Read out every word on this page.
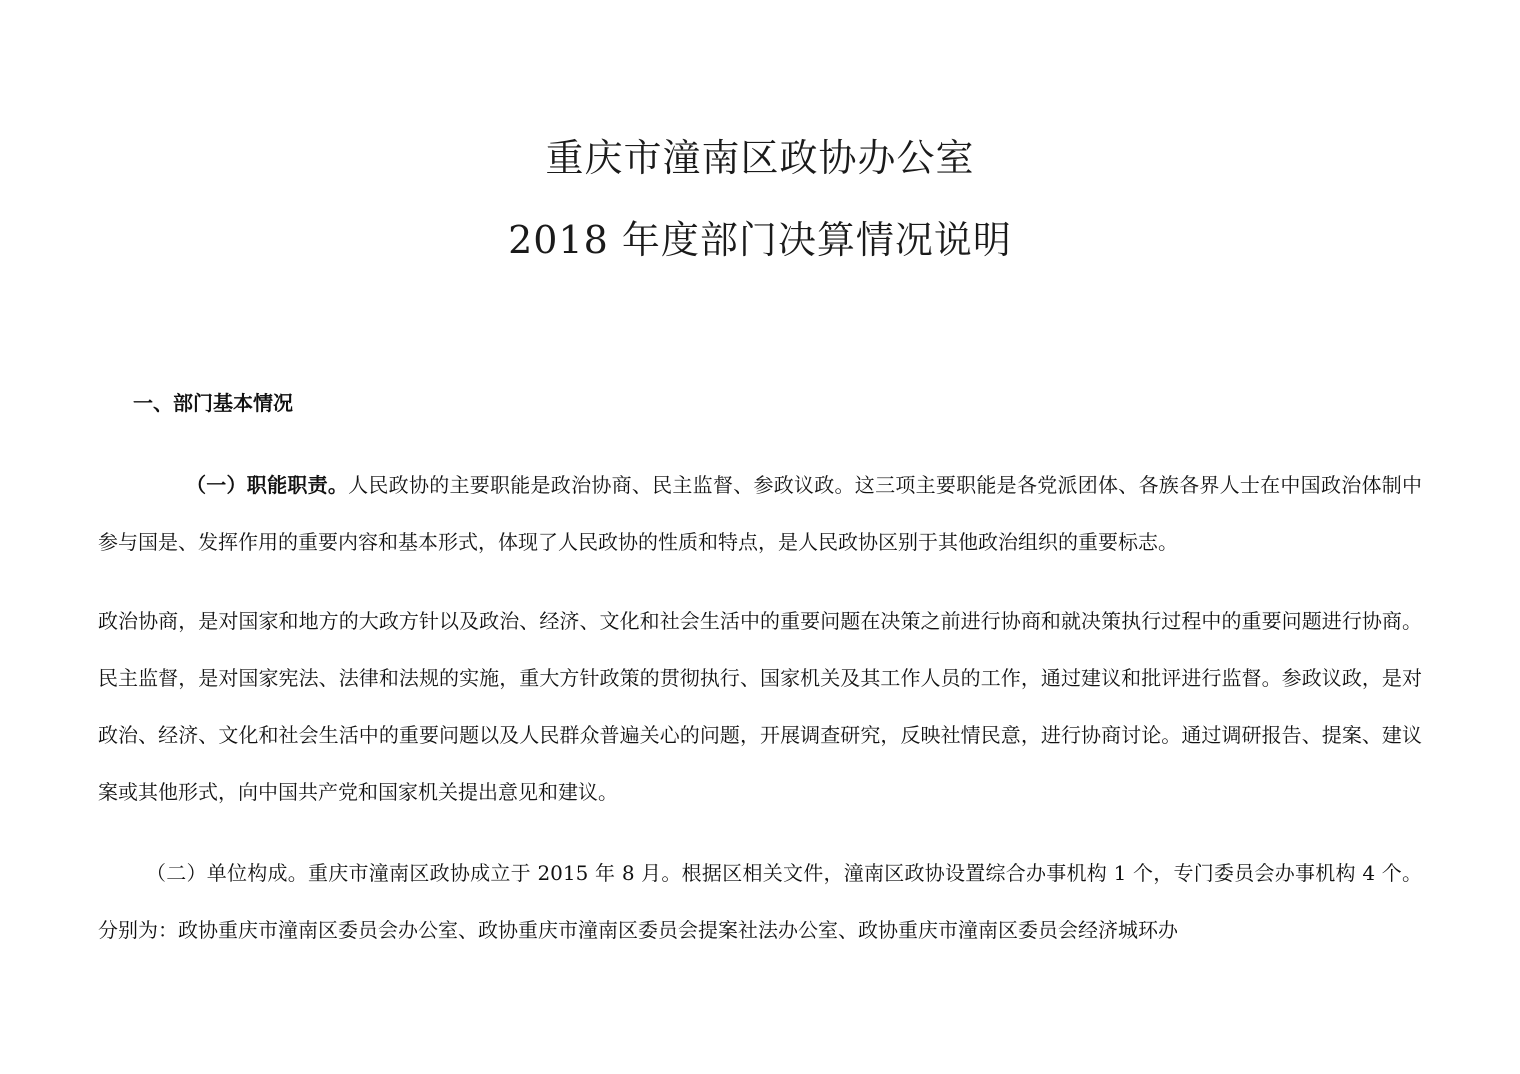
重庆市潼南区政协办公室
2018 年度部门决算情况说明
一、部门基本情况

（一）职能职责。人民政协的主要职能是政治协商、民主监督、参政议政。这三项主要职能是各党派团体、各族各界人士在中国政治体制中参与国是、发挥作用的重要内容和基本形式，体现了人民政协的性质和特点，是人民政协区别于其他政治组织的重要标志。

政治协商，是对国家和地方的大政方针以及政治、经济、文化和社会生活中的重要问题在决策之前进行协商和就决策执行过程中的重要问题进行协商。民主监督，是对国家宪法、法律和法规的实施，重大方针政策的贯彻执行、国家机关及其工作人员的工作，通过建议和批评进行监督。参政议政，是对政治、经济、文化和社会生活中的重要问题以及人民群众普遍关心的问题，开展调查研究，反映社情民意，进行协商讨论。通过调研报告、提案、建议案或其他形式，向中国共产党和国家机关提出意见和建议。

（二）单位构成。重庆市潼南区政协成立于 2015 年 8 月。根据区相关文件，潼南区政协设置综合办事机构 1 个，专门委员会办事机构 4 个。分别为：政协重庆市潼南区委员会办公室、政协重庆市潼南区委员会提案社法办公室、政协重庆市潼南区委员会经济城环办
